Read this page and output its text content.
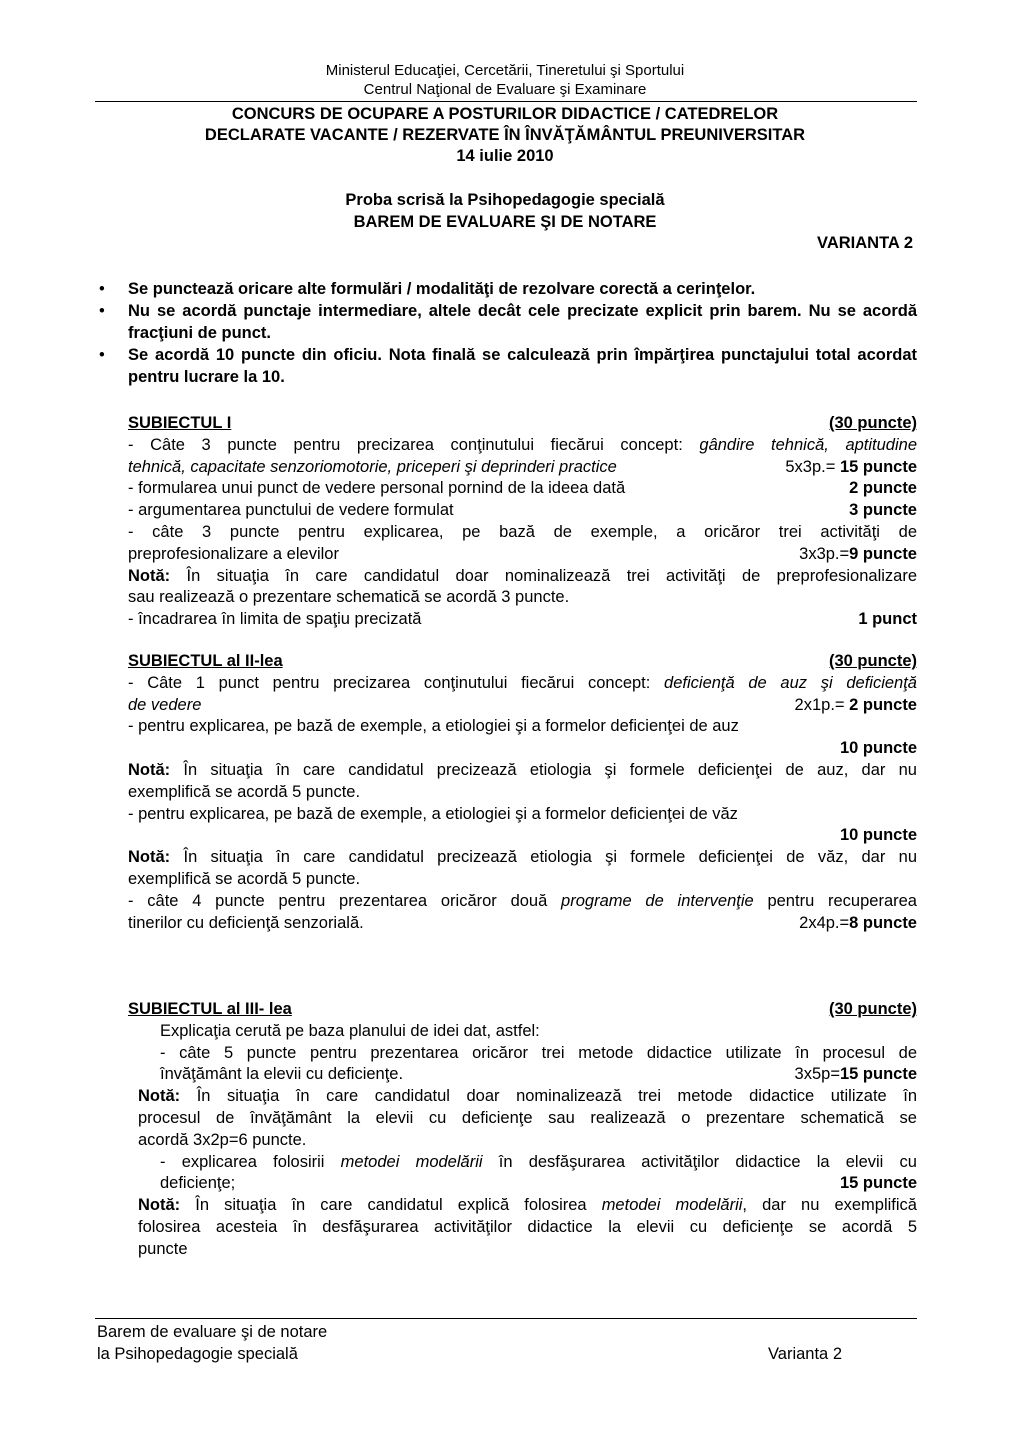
Ministerul Educaţiei, Cercetării, Tineretului şi Sportului
Centrul Naţional de Evaluare şi Examinare
CONCURS DE OCUPARE A POSTURILOR DIDACTICE / CATEDRELOR
DECLARATE VACANTE / REZERVATE ÎN ÎNVĂŢĂMÂNTUL PREUNIVERSITAR
14 iulie 2010
Proba scrisă la Psihopedagogie specială
BAREM DE EVALUARE ŞI DE NOTARE
VARIANTA 2
• Se punctează oricare alte formulări / modalităţi de rezolvare corectă a cerinţelor.
• Nu se acordă punctaje intermediare, altele decât cele precizate explicit prin barem. Nu se acordă fracţiuni de punct.
• Se acordă 10 puncte din oficiu. Nota finală se calculează prin împărţirea punctajului total acordat pentru lucrare la 10.
SUBIECTUL I	(30 puncte)
- Câte 3 puncte pentru precizarea conţinutului fiecărui concept: gândire tehnică, aptitudine
tehnică, capacitate senzoriomotorie, priceperi şi deprinderi practice	5x3p.= 15 puncte
- formularea unui punct de vedere personal pornind de la ideea dată	2 puncte
- argumentarea punctului de vedere formulat	3 puncte
- câte 3 puncte pentru explicarea, pe bază de exemple, a oricăror trei activităţi de
preprofesionalizare a elevilor	3x3p.=9 puncte
Notă: În situaţia în care candidatul doar nominalizează trei activităţi de preprofesionalizare
sau realizează o prezentare schematică se acordă 3 puncte.
- încadrarea în limita de spaţiu precizată	1 punct
SUBIECTUL al II-lea	(30 puncte)
- Câte 1 punct pentru precizarea conţinutului fiecărui concept: deficienţă de auz şi deficienţă
de vedere	2x1p.= 2 puncte
- pentru explicarea, pe bază de exemple, a etiologiei şi a formelor deficienţei de auz
10 puncte
Notă: În situaţia în care candidatul precizează etiologia şi formele deficienţei de auz, dar nu
exemplifică se acordă 5 puncte.
- pentru explicarea, pe bază de exemple, a etiologiei şi a formelor deficienţei de văz
10 puncte
Notă: În situaţia în care candidatul precizează etiologia şi formele deficienţei de văz, dar nu
exemplifică se acordă 5 puncte.
- câte 4 puncte pentru prezentarea oricăror două programe de intervenţie pentru recuperarea
tinerilor cu deficienţă senzorială.	2x4p.=8 puncte
SUBIECTUL al III- lea	(30 puncte)
Explicaţia cerută pe baza planului de idei dat, astfel:
- câte 5 puncte pentru prezentarea oricăror trei metode didactice utilizate în procesul de
învăţământ la elevii cu deficienţe.	3x5p=15 puncte
Notă: În situaţia în care candidatul doar nominalizează trei metode didactice utilizate în
procesul de învăţământ la elevii cu deficienţe sau realizează o prezentare schematică se
acordă 3x2p=6 puncte.
- explicarea folosirii metodei modelării în desfăşurarea activităţilor didactice la elevii cu
deficienţe;	15 puncte
Notă: În situaţia în care candidatul explică folosirea metodei modelării, dar nu exemplifică
folosirea acesteia în desfăşurarea activităţilor didactice la elevii cu deficienţe se acordă 5
puncte
Barem de evaluare şi de notare
la Psihopedagogie specială	Varianta 2
